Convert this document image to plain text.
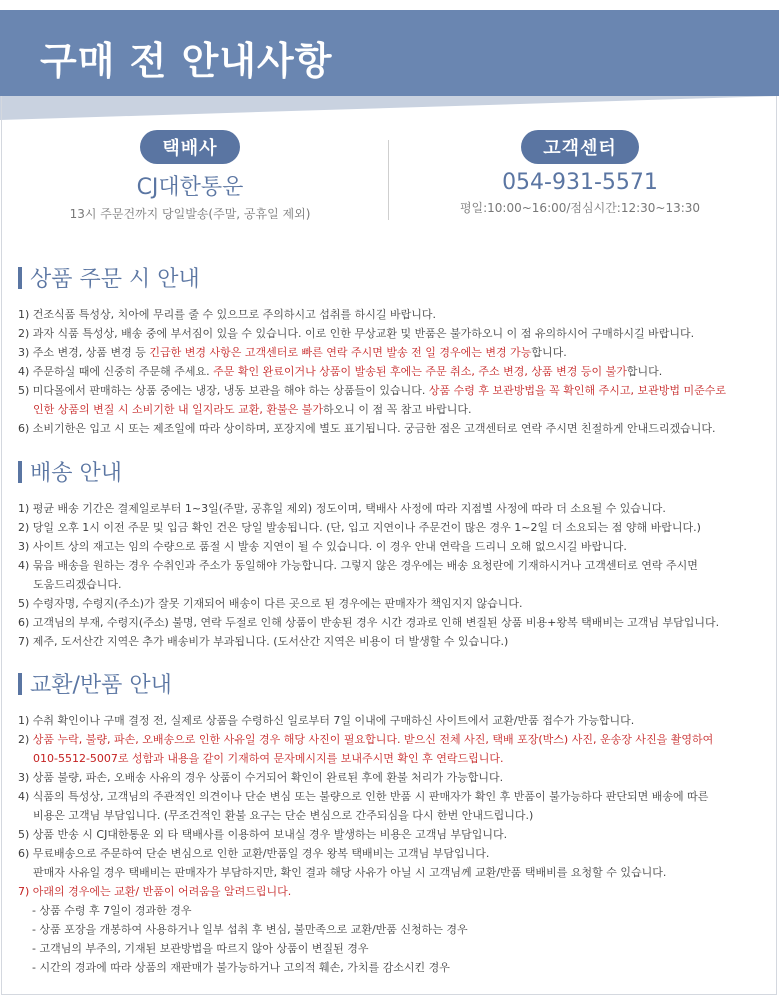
구매 전 안내사항
택배사
CJ대한통운
13시 주문건까지 당일발송(주말, 공휴일 제외)
고객센터
054-931-5571
평일:10:00~16:00/점심시간:12:30~13:30
상품 주문 시 안내
1) 건조식품 특성상, 치아에 무리를 줄 수 있으므로 주의하시고 섭취를 하시길 바랍니다.
2) 과자 식품 특성상, 배송 중에 부서짐이 있을 수 있습니다. 이로 인한 무상교환 및 반품은 불가하오니 이 점 유의하시어 구매하시길 바랍니다.
3) 주소 변경, 상품 변경 등 긴급한 변경 사항은 고객센터로 빠른 연락 주시면 발송 전 일 경우에는 변경 가능합니다.
4) 주문하실 때에 신중히 주문해 주세요. 주문 확인 완료이거나 상품이 발송된 후에는 주문 취소, 주소 변경, 상품 변경 등이 불가합니다.
5) 미다몰에서 판매하는 상품 중에는 냉장, 냉동 보관을 해야 하는 상품들이 있습니다. 상품 수령 후 보관방법을 꼭 확인해 주시고, 보관방법 미준수로
인한 상품의 변질 시 소비기한 내 일지라도 교환, 환불은 불가하오니 이 점 꼭 참고 바랍니다.
6) 소비기한은 입고 시 또는 제조일에 따라 상이하며, 포장지에 별도 표기됩니다. 궁금한 점은 고객센터로 연락 주시면 친절하게 안내드리겠습니다.
배송 안내
1) 평균 배송 기간은 결제일로부터 1~3일(주말, 공휴일 제외) 정도이며, 택배사 사정에 따라 지점별 사정에 따라 더 소요될 수 있습니다.
2) 당일 오후 1시 이전 주문 및 입금 확인 건은 당일 발송됩니다. (단, 입고 지연이나 주문건이 많은 경우 1~2일 더 소요되는 점 양해 바랍니다.)
3) 사이트 상의 재고는 임의 수량으로 품절 시 발송 지연이 될 수 있습니다. 이 경우 안내 연락을 드리니 오해 없으시길 바랍니다.
4) 묶음 배송을 원하는 경우 수취인과 주소가 동일해야 가능합니다. 그렇지 않은 경우에는 배송 요청란에 기재하시거나 고객센터로 연락 주시면
도움드리겠습니다.
5) 수령자명, 수령지(주소)가 잘못 기재되어 배송이 다른 곳으로 된 경우에는 판매자가 책임지지 않습니다.
6) 고객님의 부재, 수령지(주소) 불명, 연락 두절로 인해 상품이 반송된 경우 시간 경과로 인해 변질된 상품 비용+왕복 택배비는 고객님 부담입니다.
7) 제주, 도서산간 지역은 추가 배송비가 부과됩니다. (도서산간 지역은 비용이 더 발생할 수 있습니다.)
교환/반품 안내
1) 수취 확인이나 구매 결정 전, 실제로 상품을 수령하신 일로부터 7일 이내에 구매하신 사이트에서 교환/반품 접수가 가능합니다.
2) 상품 누락, 불량, 파손, 오배송으로 인한 사유일 경우 해당 사진이 필요합니다. 받으신 전체 사진, 택배 포장(박스) 사진, 운송장 사진을 촬영하여
010-5512-5007로 성함과 내용을 같이 기재하여 문자메시지를 보내주시면 확인 후 연락드립니다.
3) 상품 불량, 파손, 오배송 사유의 경우 상품이 수거되어 확인이 완료된 후에 환불 처리가 가능합니다.
4) 식품의 특성상, 고객님의 주관적인 의견이나 단순 변심 또는 불량으로 인한 반품 시 판매자가 확인 후 반품이 불가능하다 판단되면 배송에 따른
비용은 고객님 부담입니다. (무조건적인 환불 요구는 단순 변심으로 간주되심을 다시 한번 안내드립니다.)
5) 상품 반송 시 CJ대한통운 외 타 택배사를 이용하여 보내실 경우 발생하는 비용은 고객님 부담입니다.
6) 무료배송으로 주문하여 단순 변심으로 인한 교환/반품일 경우 왕복 택배비는 고객님 부담입니다.
판매자 사유일 경우 택배비는 판매자가 부담하지만, 확인 결과 해당 사유가 아닐 시 고객님께 교환/반품 택배비를 요청할 수 있습니다.
7) 아래의 경우에는 교환/ 반품이 어려움을 알려드립니다.
- 상품 수령 후 7일이 경과한 경우
- 상품 포장을 개봉하여 사용하거나 일부 섭취 후 변심, 불만족으로 교환/반품 신청하는 경우
- 고객님의 부주의, 기재된 보관방법을 따르지 않아 상품이 변질된 경우
- 시간의 경과에 따라 상품의 재판매가 불가능하거나 고의적 훼손, 가치를 감소시킨 경우
